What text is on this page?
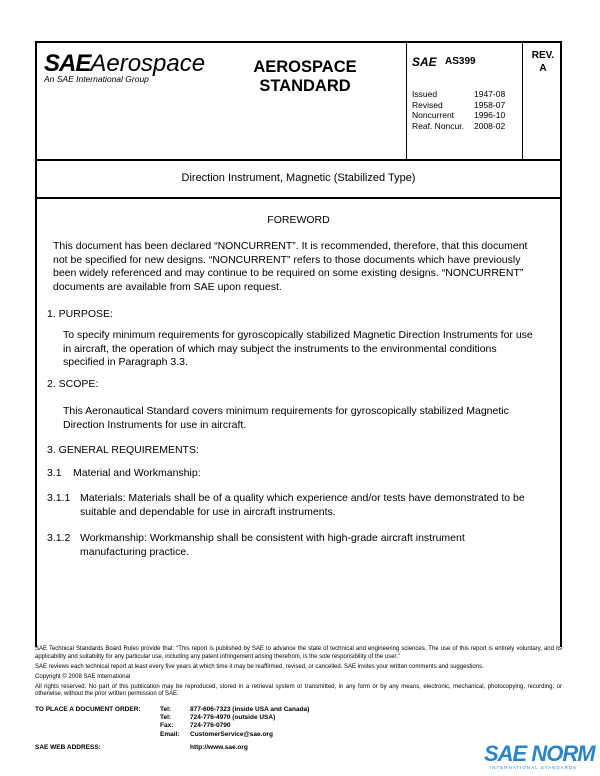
SAEAerospace
An SAE International Group
AEROSPACE
STANDARD
SAE AS399
REV.
A
Issued	1947-08
Revised	1958-07
Noncurrent	1996-10
Reaf. Noncur.	2008-02
Direction Instrument, Magnetic (Stabilized Type)
FOREWORD
This document has been declared “NONCURRENT”. It is recommended, therefore, that this document
not be specified for new designs. “NONCURRENT” refers to those documents which have previously
been widely referenced and may continue to be required on some existing designs. “NONCURRENT”
documents are available from SAE upon request.
1. PURPOSE:
To specify minimum requirements for gyroscopically stabilized Magnetic Direction Instruments for use
in aircraft, the operation of which may subject the instruments to the environmental conditions
specified in Paragraph 3.3.
2. SCOPE:
This Aeronautical Standard covers minimum requirements for gyroscopically stabilized Magnetic
Direction Instruments for use in aircraft.
3. GENERAL REQUIREMENTS:
3.1 Material and Workmanship:
3.1.1 Materials: Materials shall be of a quality which experience and/or tests have demonstrated to be
suitable and dependable for use in aircraft instruments.
3.1.2 Workmanship: Workmanship shall be consistent with high-grade aircraft instrument
manufacturing practice.

SAE Technical Standards Board Rules provide that: “This report is published by SAE to advance the state of technical and engineering sciences. The use of this report is entirely voluntary, and its applicability and suitability for any particular use, including any patent infringement arising therefrom, is the sole responsibility of the user.”

SAE reviews each technical report at least every five years at which time it may be reaffirmed, revised, or cancelled. SAE invites your written comments and suggestions.

Copyright © 2008 SAE International

All rights reserved. No part of this publication may be reproduced, stored in a retrieval system or transmitted, in any form or by any means, electronic, mechanical, photocopying, recording, or otherwise, without the prior written permission of SAE.

TO PLACE A DOCUMENT ORDER:	Tel:	877-606-7323 (inside USA and Canada)
Tel:	724-776-4970 (outside USA)
Fax:	724-776-0790
Email:	CustomerService@sae.org
SAE WEB ADDRESS:	http://www.sae.org	SAE NORM
INTERNATIONAL STANDARDS
